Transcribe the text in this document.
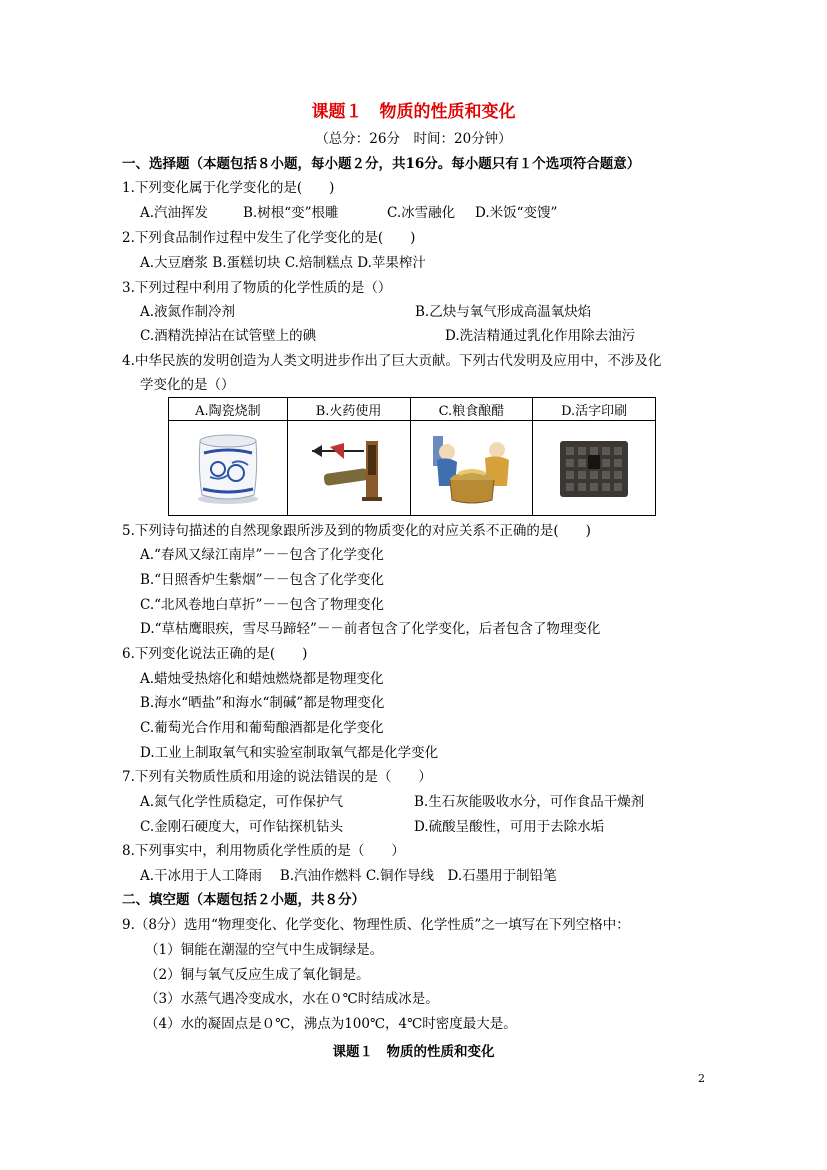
课题１　物质的性质和变化
（总分：26分　时间：20分钟）
一、选择题（本题包括８小题，每小题２分，共16分。每小题只有１个选项符合题意）
1.下列变化属于化学变化的是(　　)
A.汽油挥发	B.树根“变”根雕	C.冰雪融化 D.米饭“变馊”
2.下列食品制作过程中发生了化学变化的是(　　)
A.大豆磨浆 B.蛋糕切块 C.焙制糕点 D.苹果榨汁
3.下列过程中利用了物质的化学性质的是（）
A.液氮作制冷剂	B.乙炔与氧气形成高温氧炔焰
C.酒精洗掉沾在试管壁上的碘	D.洗洁精通过乳化作用除去油污
4.中华民族的发明创造为人类文明进步作出了巨大贡献。下列古代发明及应用中，不涉及化
学变化的是（）
A.陶瓷烧制	B.火药使用	C.粮食酿醋	D.活字印刷

5.下列诗句描述的自然现象跟所涉及到的物质变化的对应关系不正确的是(　　)
A.“春风又绿江南岸”－－包含了化学变化
B.“日照香炉生紫烟”－－包含了化学变化
C.“北风卷地白草折”－－包含了物理变化
D.“草枯鹰眼疾，雪尽马蹄轻”－－前者包含了化学变化，后者包含了物理变化
6.下列变化说法正确的是(　　)
A.蜡烛受热熔化和蜡烛燃烧都是物理变化
B.海水“晒盐”和海水“制碱”都是物理变化
C.葡萄光合作用和葡萄酿酒都是化学变化
D.工业上制取氧气和实验室制取氧气都是化学变化
7.下列有关物质性质和用途的说法错误的是（　　）
A.氮气化学性质稳定，可作保护气	B.生石灰能吸收水分，可作食品干燥剂
C.金刚石硬度大，可作钻探机钻头	D.硫酸呈酸性，可用于去除水垢
8.下列事实中，利用物质化学性质的是（　　）
A.干冰用于人工降雨　 B.汽油作燃料 C.铜作导线　D.石墨用于制铅笔
二、填空题（本题包括２小题，共８分）
9.（8分）选用“物理变化、化学变化、物理性质、化学性质”之一填写在下列空格中：
（1）铜能在潮湿的空气中生成铜绿是。
（2）铜与氧气反应生成了氧化铜是。
（3）水蒸气遇冷变成水，水在０℃时结成冰是。
（4）水的凝固点是０℃，沸点为100℃，4℃时密度最大是。
课题１　物质的性质和变化
2
